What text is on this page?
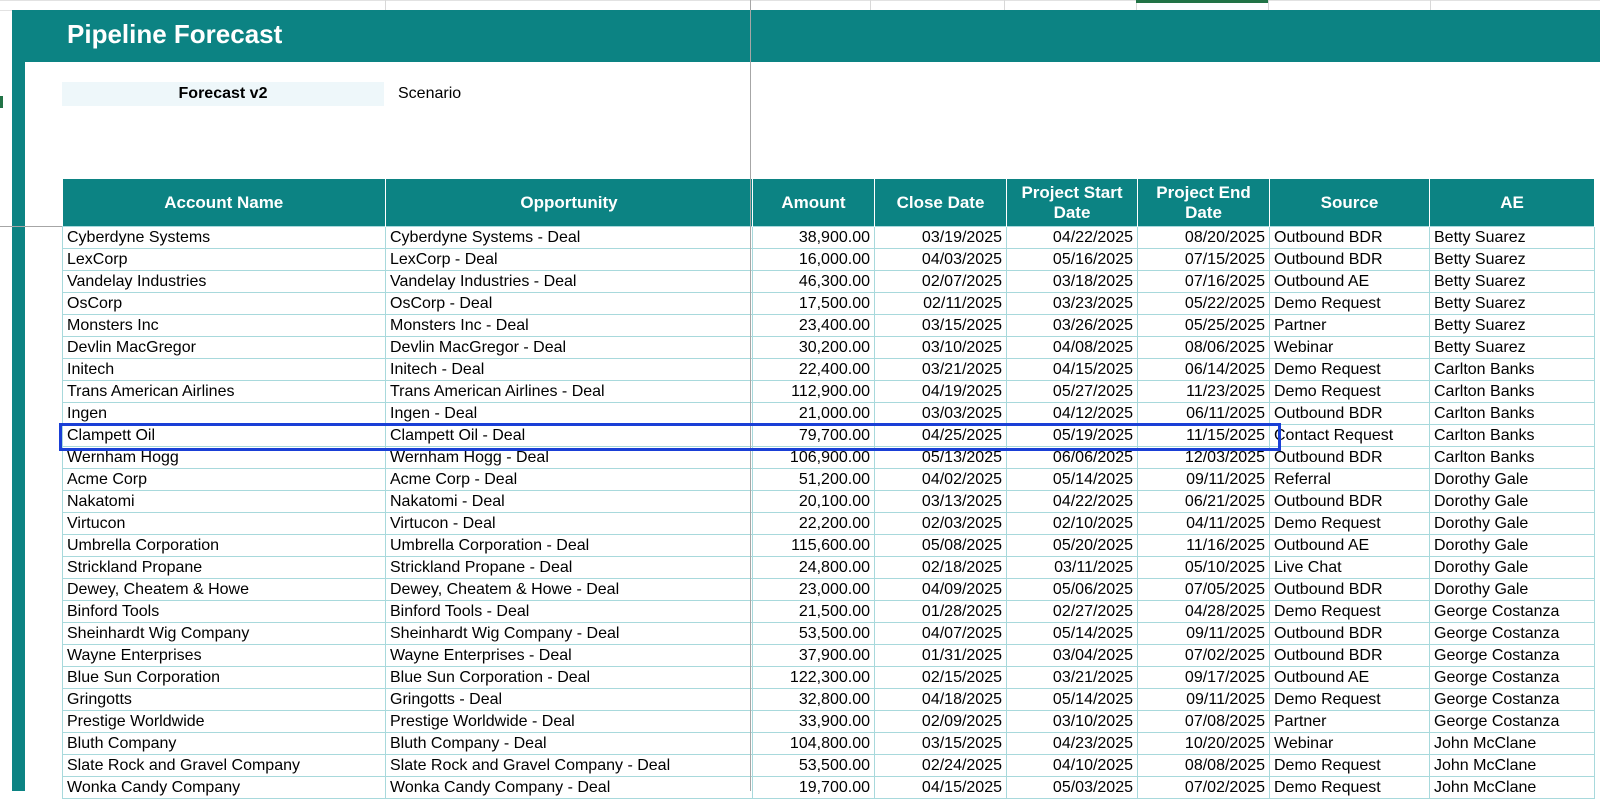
Pipeline Forecast
Forecast v2	Scenario
Account Name	Opportunity	Amount	Close Date	Project Start Date	Project End Date	Source	AE
Cyberdyne Systems	Cyberdyne Systems - Deal	38,900.00	03/19/2025	04/22/2025	08/20/2025	Outbound BDR	Betty Suarez
LexCorp	LexCorp - Deal	16,000.00	04/03/2025	05/16/2025	07/15/2025	Outbound BDR	Betty Suarez
Vandelay Industries	Vandelay Industries - Deal	46,300.00	02/07/2025	03/18/2025	07/16/2025	Outbound AE	Betty Suarez
OsCorp	OsCorp - Deal	17,500.00	02/11/2025	03/23/2025	05/22/2025	Demo Request	Betty Suarez
Monsters Inc	Monsters Inc - Deal	23,400.00	03/15/2025	03/26/2025	05/25/2025	Partner	Betty Suarez
Devlin MacGregor	Devlin MacGregor - Deal	30,200.00	03/10/2025	04/08/2025	08/06/2025	Webinar	Betty Suarez
Initech	Initech - Deal	22,400.00	03/21/2025	04/15/2025	06/14/2025	Demo Request	Carlton Banks
Trans American Airlines	Trans American Airlines - Deal	112,900.00	04/19/2025	05/27/2025	11/23/2025	Demo Request	Carlton Banks
Ingen	Ingen - Deal	21,000.00	03/03/2025	04/12/2025	06/11/2025	Outbound BDR	Carlton Banks
Clampett Oil	Clampett Oil - Deal	79,700.00	04/25/2025	05/19/2025	11/15/2025	Contact Request	Carlton Banks
Wernham Hogg	Wernham Hogg - Deal	106,900.00	05/13/2025	06/06/2025	12/03/2025	Outbound BDR	Carlton Banks
Acme Corp	Acme Corp - Deal	51,200.00	04/02/2025	05/14/2025	09/11/2025	Referral	Dorothy Gale
Nakatomi	Nakatomi - Deal	20,100.00	03/13/2025	04/22/2025	06/21/2025	Outbound BDR	Dorothy Gale
Virtucon	Virtucon - Deal	22,200.00	02/03/2025	02/10/2025	04/11/2025	Demo Request	Dorothy Gale
Umbrella Corporation	Umbrella Corporation - Deal	115,600.00	05/08/2025	05/20/2025	11/16/2025	Outbound AE	Dorothy Gale
Strickland Propane	Strickland Propane - Deal	24,800.00	02/18/2025	03/11/2025	05/10/2025	Live Chat	Dorothy Gale
Dewey, Cheatem & Howe	Dewey, Cheatem & Howe - Deal	23,000.00	04/09/2025	05/06/2025	07/05/2025	Outbound BDR	Dorothy Gale
Binford Tools	Binford Tools - Deal	21,500.00	01/28/2025	02/27/2025	04/28/2025	Demo Request	George Costanza
Sheinhardt Wig Company	Sheinhardt Wig Company - Deal	53,500.00	04/07/2025	05/14/2025	09/11/2025	Outbound BDR	George Costanza
Wayne Enterprises	Wayne Enterprises - Deal	37,900.00	01/31/2025	03/04/2025	07/02/2025	Outbound BDR	George Costanza
Blue Sun Corporation	Blue Sun Corporation - Deal	122,300.00	02/15/2025	03/21/2025	09/17/2025	Outbound AE	George Costanza
Gringotts	Gringotts - Deal	32,800.00	04/18/2025	05/14/2025	09/11/2025	Demo Request	George Costanza
Prestige Worldwide	Prestige Worldwide - Deal	33,900.00	02/09/2025	03/10/2025	07/08/2025	Partner	George Costanza
Bluth Company	Bluth Company - Deal	104,800.00	03/15/2025	04/23/2025	10/20/2025	Webinar	John McClane
Slate Rock and Gravel Company	Slate Rock and Gravel Company - Deal	53,500.00	02/24/2025	04/10/2025	08/08/2025	Demo Request	John McClane
Wonka Candy Company	Wonka Candy Company - Deal	19,700.00	04/15/2025	05/03/2025	07/02/2025	Demo Request	John McClane
